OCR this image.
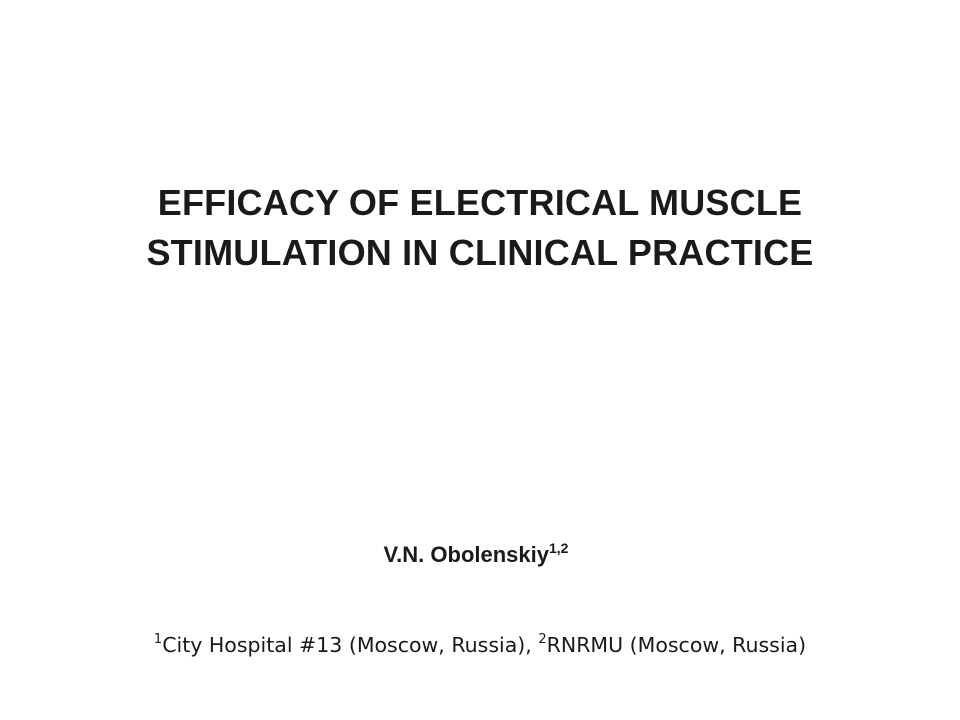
EFFICACY OF ELECTRICAL MUSCLE
STIMULATION IN CLINICAL PRACTICE
V.N. Obolenskiy$^{1,2}$
$^1$City Hospital #13 (Moscow, Russia), $^2$RNRMU (Moscow, Russia)
